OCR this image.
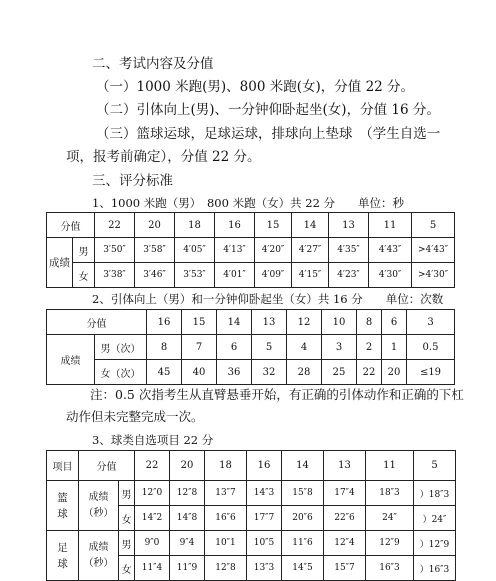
二、考试内容及分值
（一）1000 米跑(男)、800 米跑(女)，分值 22 分。
（二）引体向上(男)、一分钟仰卧起坐(女)，分值 16 分。
（三）篮球运球，足球运球，排球向上垫球　（学生自选一
项，报考前确定），分值 22 分。
三、评分标准
1、1000 米跑（男）　800 米跑（女）共 22 分　　单位：秒
分值		22	20	18	16	15	14	13	11	5
成绩	男	3′50″	3′58″	4′05″	4′13″	4′20″	4′27″	4′35″	4′43″	>4′43″
	女	3′38″	3′46″	3′53″	4′01″	4′09″	4′15″	4′23″	4′30″	>4′30″
2、引体向上（男）和一分钟仰卧起坐（女）共 16 分　　单位：次数
分值		16	15	14	13	12	10	8	6	3
成绩	男（次）	8	7	6	5	4	3	2	1	0.5
	女（次）	45	40	36	32	28	25	22	20	≤19
注：0.5 次指考生从直臂悬垂开始，有正确的引体动作和正确的下杠
动作但未完整完成一次。
3、球类自选项目 22 分
项目	分值		22	20	18	16	14	13	11	5
篮球	成绩（秒）	男	12″0	12″8	13″7	14″3	15″8	17″4	18″3	）18″3
		女	14″2	14″8	16″6	17″7	20″6	22″6	24″	）24″
足球	成绩（秒）	男	9″0	9″4	10″1	10″5	11″6	12″4	12″9	）12″9
		女	11″4	11″9	12″8	13″3	14″5	15″7	16″3	）16″3
